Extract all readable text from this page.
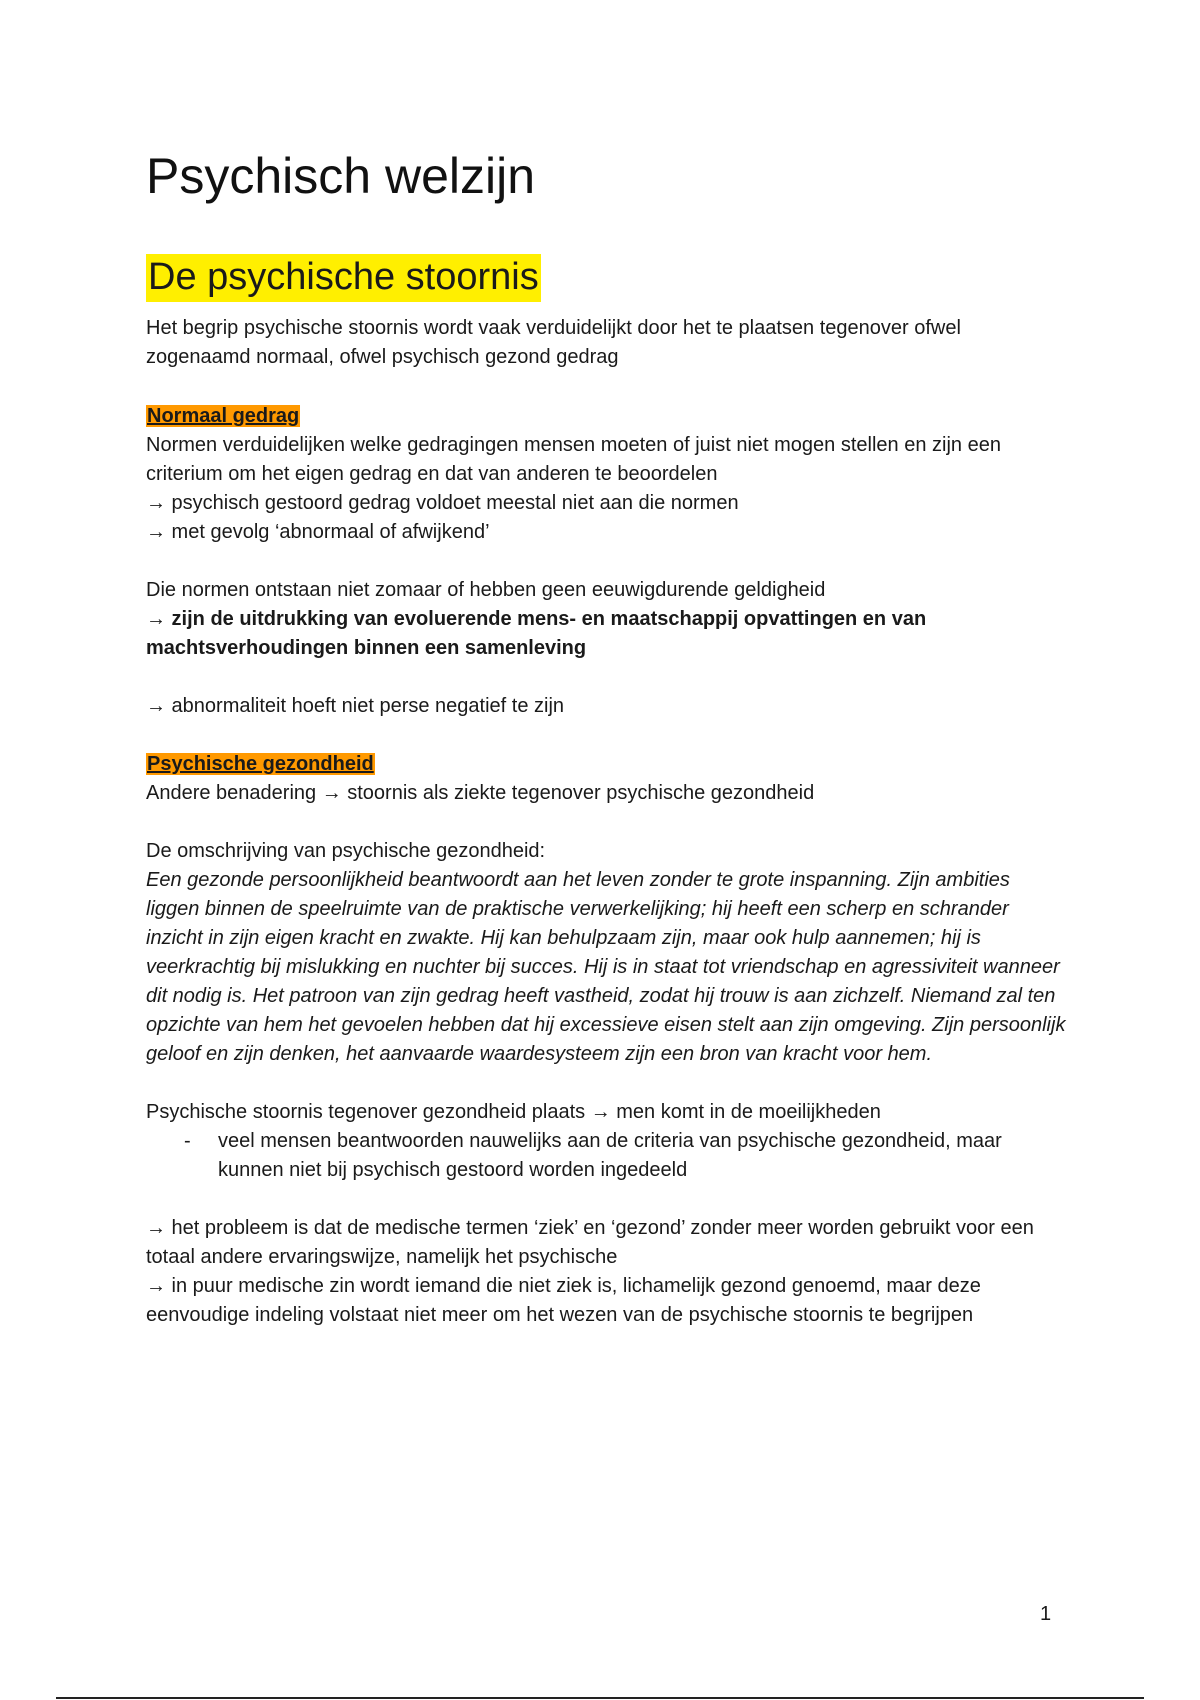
Psychisch welzijn
De psychische stoornis

Het begrip psychische stoornis wordt vaak verduidelijkt door het te plaatsen tegenover ofwel zogenaamd normaal, ofwel psychisch gezond gedrag

Normaal gedrag

Normen verduidelijken welke gedragingen mensen moeten of juist niet mogen stellen en zijn een criterium om het eigen gedrag en dat van anderen te beoordelen

→ psychisch gestoord gedrag voldoet meestal niet aan die normen

→ met gevolg ‘abnormaal of afwijkend’

Die normen ontstaan niet zomaar of hebben geen eeuwigdurende geldigheid

→ zijn de uitdrukking van evoluerende mens- en maatschappij opvattingen en van machtsverhoudingen binnen een samenleving

→ abnormaliteit hoeft niet perse negatief te zijn

Psychische gezondheid

Andere benadering → stoornis als ziekte tegenover psychische gezondheid

De omschrijving van psychische gezondheid:

Een gezonde persoonlijkheid beantwoordt aan het leven zonder te grote inspanning. Zijn ambities liggen binnen de speelruimte van de praktische verwerkelijking; hij heeft een scherp en schrander inzicht in zijn eigen kracht en zwakte. Hij kan behulpzaam zijn, maar ook hulp aannemen; hij is veerkrachtig bij mislukking en nuchter bij succes. Hij is in staat tot vriendschap en agressiviteit wanneer dit nodig is. Het patroon van zijn gedrag heeft vastheid, zodat hij trouw is aan zichzelf. Niemand zal ten opzichte van hem het gevoelen hebben dat hij excessieve eisen stelt aan zijn omgeving. Zijn persoonlijk geloof en zijn denken, het aanvaarde waardesysteem zijn een bron van kracht voor hem.

Psychische stoornis tegenover gezondheid plaats → men komt in de moeilijkheden

- veel mensen beantwoorden nauwelijks aan de criteria van psychische gezondheid, maar kunnen niet bij psychisch gestoord worden ingedeeld

→ het probleem is dat de medische termen ‘ziek’ en ‘gezond’ zonder meer worden gebruikt voor een totaal andere ervaringswijze, namelijk het psychische

→ in puur medische zin wordt iemand die niet ziek is, lichamelijk gezond genoemd, maar deze eenvoudige indeling volstaat niet meer om het wezen van de psychische stoornis te begrijpen

1
